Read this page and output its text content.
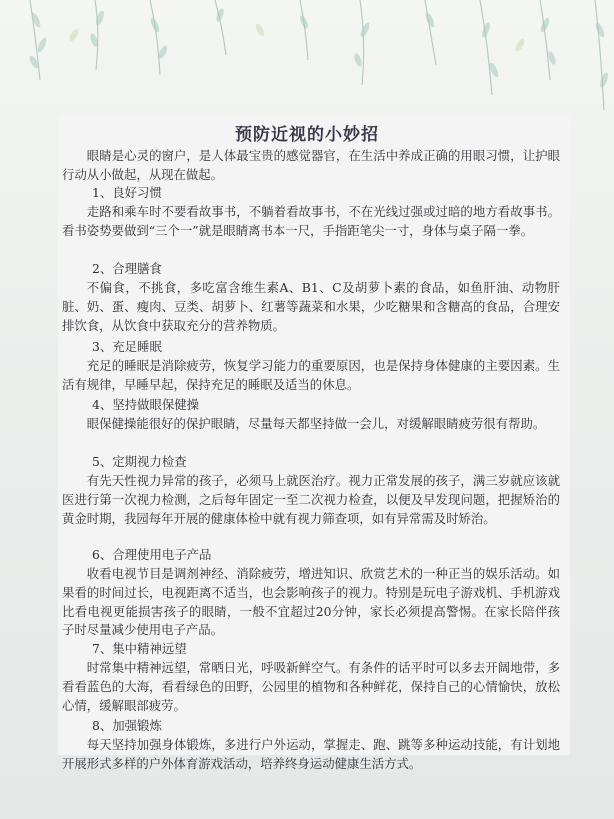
预防近视的小妙招

眼睛是心灵的窗户，是人体最宝贵的感觉器官，在生活中养成正确的用眼习惯，让护眼行动从小做起，从现在做起。

1、良好习惯

走路和乘车时不要看故事书，不躺着看故事书，不在光线过强或过暗的地方看故事书。看书姿势要做到“三个一”就是眼睛离书本一尺，手指距笔尖一寸，身体与桌子隔一拳。

2、合理膳食

不偏食，不挑食，多吃富含维生素A、B1、C及胡萝卜素的食品，如鱼肝油、动物肝脏、奶、蛋、瘦肉、豆类、胡萝卜、红薯等蔬菜和水果，少吃糖果和含糖高的食品，合理安排饮食，从饮食中获取充分的营养物质。

3、充足睡眠

充足的睡眠是消除疲劳，恢复学习能力的重要原因，也是保持身体健康的主要因素。生活有规律，早睡早起，保持充足的睡眠及适当的休息。

4、坚持做眼保健操

眼保健操能很好的保护眼睛，尽量每天都坚持做一会儿，对缓解眼睛疲劳很有帮助。

5、定期视力检查

有先天性视力异常的孩子，必须马上就医治疗。视力正常发展的孩子，满三岁就应该就医进行第一次视力检测，之后每年固定一至二次视力检查，以便及早发现问题，把握矫治的黄金时期，我园每年开展的健康体检中就有视力筛查项，如有异常需及时矫治。

6、合理使用电子产品

收看电视节目是调剂神经、消除疲劳，增进知识、欣赏艺术的一种正当的娱乐活动。如果看的时间过长，电视距离不适当，也会影响孩子的视力。特别是玩电子游戏机、手机游戏比看电视更能损害孩子的眼睛，一般不宜超过20分钟，家长必须提高警惕。在家长陪伴孩子时尽量减少使用电子产品。

7、集中精神远望

时常集中精神远望，常晒日光，呼吸新鲜空气。有条件的话平时可以多去开阔地带，多看看蓝色的大海，看看绿色的田野，公园里的植物和各种鲜花，保持自己的心情愉快，放松心情，缓解眼部疲劳。

8、加强锻炼

每天坚持加强身体锻炼，多进行户外运动，掌握走、跑、跳等多种运动技能，有计划地开展形式多样的户外体育游戏活动，培养终身运动健康生活方式。
